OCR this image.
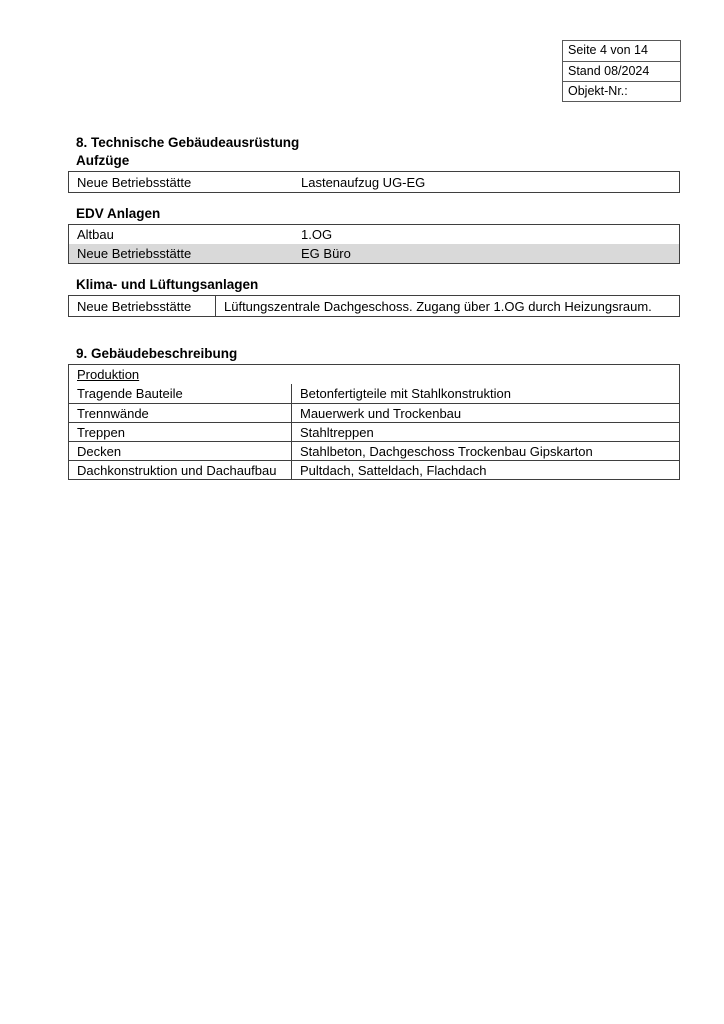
Seite 4 von 14
Stand 08/2024
Objekt-Nr.:
8. Technische Gebäudeausrüstung
Aufzüge
Neue Betriebsstätte	Lastenaufzug UG-EG
EDV Anlagen
Altbau	1.OG
Neue Betriebsstätte	EG Büro
Klima- und Lüftungsanlagen
Neue Betriebsstätte	Lüftungszentrale Dachgeschoss. Zugang über 1.OG durch Heizungsraum.
9. Gebäudebeschreibung
Produktion
Tragende Bauteile	Betonfertigteile mit Stahlkonstruktion
Trennwände	Mauerwerk und Trockenbau
Treppen	Stahltreppen
Decken	Stahlbeton, Dachgeschoss Trockenbau Gipskarton
Dachkonstruktion und Dachaufbau	Pultdach, Satteldach, Flachdach
